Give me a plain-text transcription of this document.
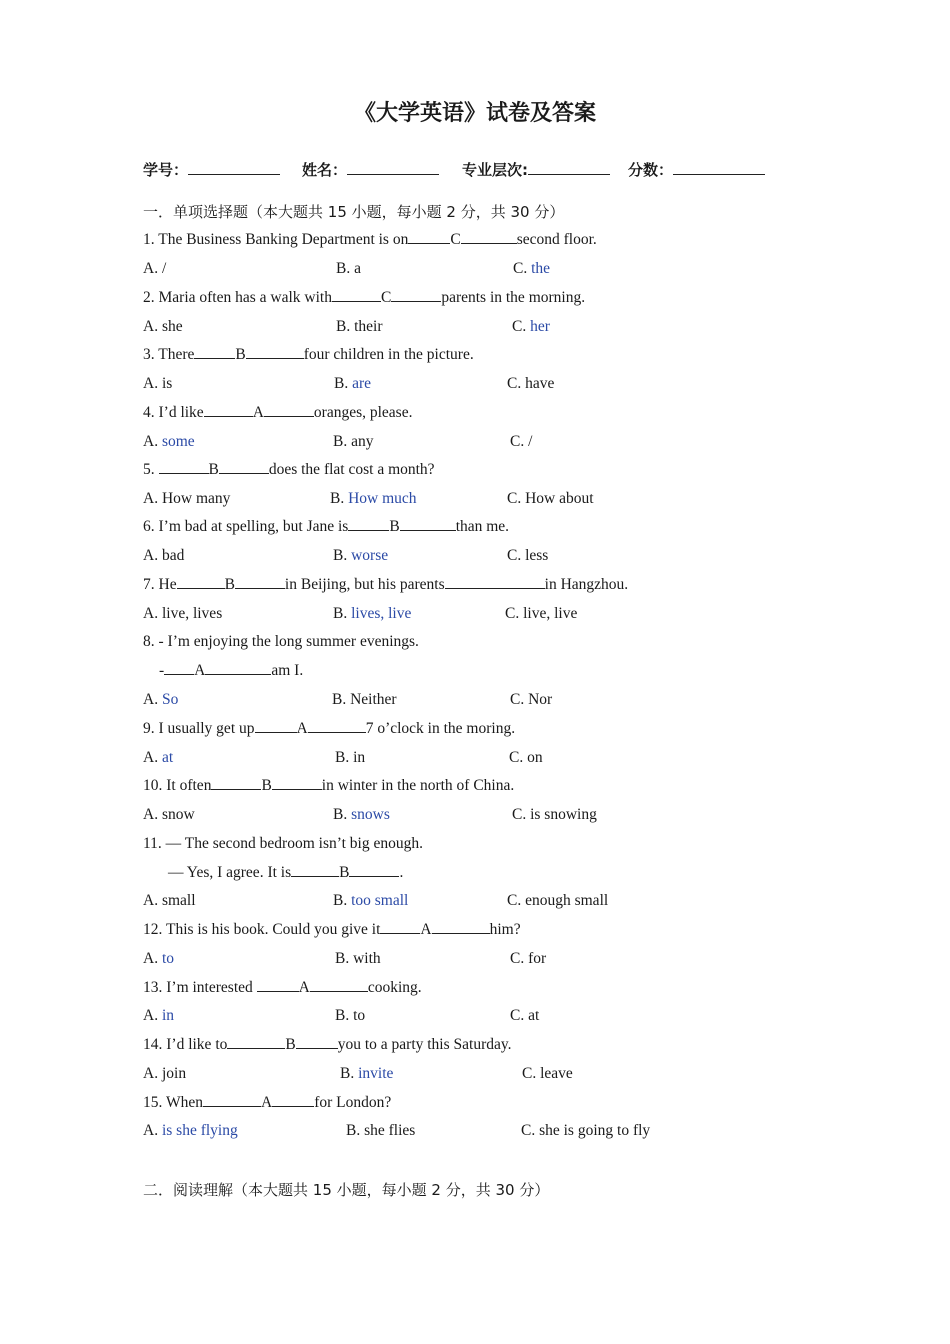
《大学英语》试卷及答案
学号：	姓名：	专业层次:	分数：
一．单项选择题（本大题共 15 小题，每小题 2 分，共 30 分）
1. The Business Banking Department is on	C	second floor.
A. /	B. a	C. the
2. Maria often has a walk with	C	parents in the morning.
A. she	B. their	C. her
3. There	B	four children in the picture.
A. is	B. are	C. have
4. I’d like	A	oranges, please.
A. some	B. any	C. /
5.	B	does the flat cost a month?
A. How many	B. How much	C. How about
6. I’m bad at spelling, but Jane is	B	than me.
A. bad	B. worse	C. less
7. He	B	in Beijing, but his parents	in Hangzhou.
A. live, lives	B. lives, live	C. live, live
8. - I’m enjoying the long summer evenings.
- A	am I.
A. So	B. Neither	C. Nor
9. I usually get up	A	7 o’clock in the moring.
A. at	B. in	C. on
10. It often	B	in winter in the north of China.
A. snow	B. snows	C. is snowing
11. — The second bedroom isn’t big enough.
— Yes, I agree. It is	B	.
A. small	B. too small	C. enough small
12. This is his book. Could you give it	A	him?
A. to	B. with	C. for
13. I’m interested	A	cooking.
A. in	B. to	C. at
14. I’d like to	B	you to a party this Saturday.
A. join	B. invite	C. leave
15. When	A	for London?
A. is she flying	B. she flies	C. she is going to fly
二．阅读理解（本大题共 15 小题，每小题 2 分，共 30 分）
